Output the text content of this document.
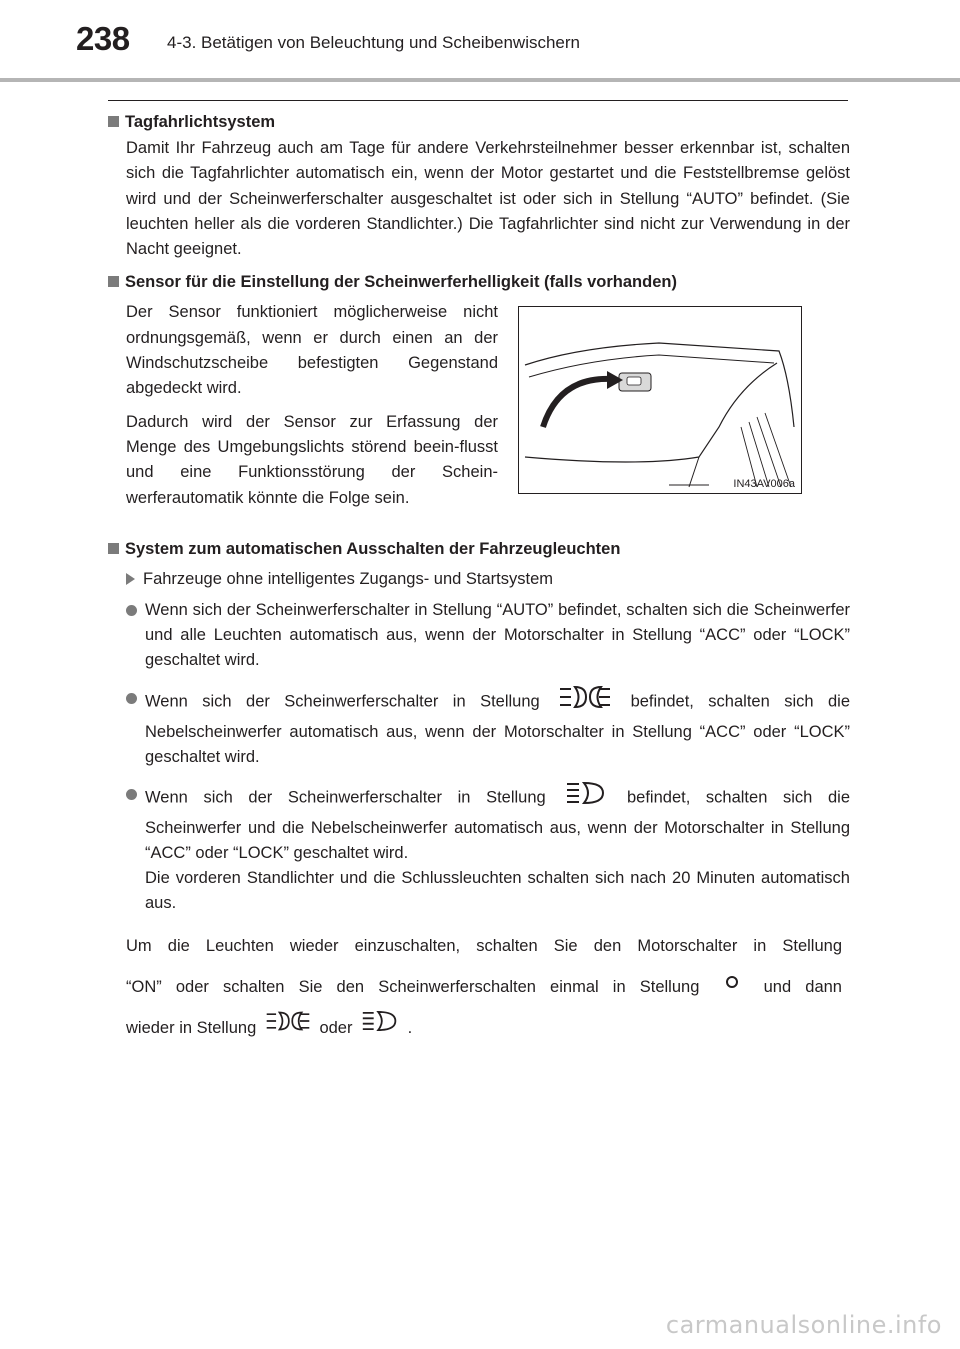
238 4-3. Betätigen von Beleuchtung und Scheibenwischern
Tagfahrlichtsystem

Damit Ihr Fahrzeug auch am Tage für andere Verkehrsteilnehmer besser erkennbar ist, schalten sich die Tagfahrlichter automatisch ein, wenn der Motor gestartet und die Feststellbremse gelöst wird und der Scheinwerferschalter ausgeschaltet ist oder sich in Stellung “AUTO” befindet. (Sie leuchten heller als die vorderen Standlichter.) Die Tagfahrlichter sind nicht zur Verwendung in der Nacht geeignet.

Sensor für die Einstellung der Scheinwerferhelligkeit (falls vorhanden)

Der Sensor funktioniert möglicherweise nicht ordnungsgemäß, wenn er durch einen an der Windschutzscheibe befestigten Gegenstand abgedeckt wird.

Dadurch wird der Sensor zur Erfassung der Menge des Umgebungslichts störend beein-flusst und eine Funktionsstörung der Schein-werferautomatik könnte die Folge sein.

IN43AV006a
System zum automatischen Ausschalten der Fahrzeugleuchten
Fahrzeuge ohne intelligentes Zugangs- und Startsystem
Wenn sich der Scheinwerferschalter in Stellung “AUTO” befindet, schalten sich die Scheinwerfer und alle Leuchten automatisch aus, wenn der Motorschalter in Stellung “ACC” oder “LOCK” geschaltet wird.
Wenn sich der Scheinwerferschalter in Stellung	befindet, schalten sich die
Nebelscheinwerfer automatisch aus, wenn der Motorschalter in Stellung “ACC” oder “LOCK” geschaltet wird.
Wenn sich der Scheinwerferschalter in Stellung	befindet, schalten sich die
Scheinwerfer und die Nebelscheinwerfer automatisch aus, wenn der Motorschalter in Stellung “ACC” oder “LOCK” geschaltet wird.
Die vorderen Standlichter und die Schlussleuchten schalten sich nach 20 Minuten automatisch aus.
Um die Leuchten wieder einzuschalten, schalten Sie den Motorschalter in Stellung
“ON” oder schalten Sie den Scheinwerferschalten einmal in Stellung	und dann
wieder in Stellung	oder	.
carmanualsonline.info
